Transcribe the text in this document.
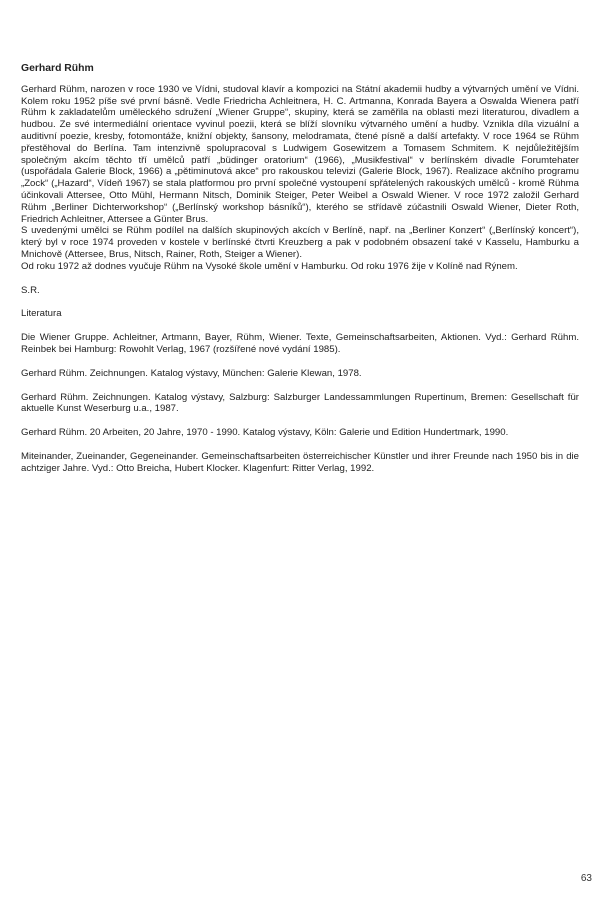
Gerhard Rühm

Gerhard Rühm, narozen v roce 1930 ve Vídni, studoval klavír a kompozici na Státní akademii hudby a výtvarných umění ve Vídni. Kolem roku 1952 píše své první básně. Vedle Friedricha Achleitnera, H. C. Artmanna, Konrada Bayera a Oswalda Wienera patří Rühm k zakladatelům uměleckého sdružení „Wiener Gruppe“, skupiny, která se zaměřila na oblasti mezi literaturou, divadlem a hudbou. Ze své intermediální orientace vyvinul poezii, která se blíží slovníku výtvarného umění a hudby. Vznikla díla vizuální a auditivní poezie, kresby, fotomontáže, knižní objekty, šansony, melodramata, čtené písně a další artefakty. V roce 1964 se Rühm přestěhoval do Berlína. Tam intenzivně spolupracoval s Ludwigem Gosewitzem a Tomasem Schmitem. K nejdůležitějším společným akcím těchto tří umělců patří „büdinger oratorium“ (1966), „Musikfestival“ v berlínském divadle Forumtehater (uspořádala Galerie Block, 1966) a „pětiminutová akce“ pro rakouskou televizi (Galerie Block, 1967). Realizace akčního programu „Zock“ („Hazard“, Vídeň 1967) se stala platformou pro první společné vystoupení spřátelených rakouských umělců - kromě Rühma účinkovali Attersee, Otto Mühl, Hermann Nitsch, Dominik Steiger, Peter Weibel a Oswald Wiener. V roce 1972 založil Gerhard Rühm „Berliner Dichterworkshop“ („Berlínský workshop básníků“), kterého se střídavě zúčastnili Oswald Wiener, Dieter Roth, Friedrich Achleitner, Attersee a Günter Brus.

S uvedenými umělci se Rühm podílel na dalších skupinových akcích v Berlíně, např. na „Berliner Konzert“ („Berlínský koncert“), který byl v roce 1974 proveden v kostele v berlínské čtvrti Kreuzberg a pak v podobném obsazení také v Kasselu, Hamburku a Mnichově (Attersee, Brus, Nitsch, Rainer, Roth, Steiger a Wiener).

Od roku 1972 až dodnes vyučuje Rühm na Vysoké škole umění v Hamburku. Od roku 1976 žije v Kolíně nad Rýnem.

S.R.

Literatura

Die Wiener Gruppe. Achleitner, Artmann, Bayer, Rühm, Wiener. Texte, Gemeinschaftsarbeiten, Aktionen. Vyd.: Gerhard Rühm. Reinbek bei Hamburg: Rowohlt Verlag, 1967 (rozšířené nové vydání 1985).

Gerhard Rühm. Zeichnungen. Katalog výstavy, München: Galerie Klewan, 1978.

Gerhard Rühm. Zeichnungen. Katalog výstavy, Salzburg: Salzburger Landessammlungen Rupertinum, Bremen: Gesellschaft für aktuelle Kunst Weserburg u.a., 1987.

Gerhard Rühm. 20 Arbeiten, 20 Jahre, 1970 - 1990. Katalog výstavy, Köln: Galerie und Edition Hundertmark, 1990.

Miteinander, Zueinander, Gegeneinander. Gemeinschaftsarbeiten österreichischer Künstler und ihrer Freunde nach 1950 bis in die achtziger Jahre. Vyd.: Otto Breicha, Hubert Klocker. Klagenfurt: Ritter Verlag, 1992.

63
